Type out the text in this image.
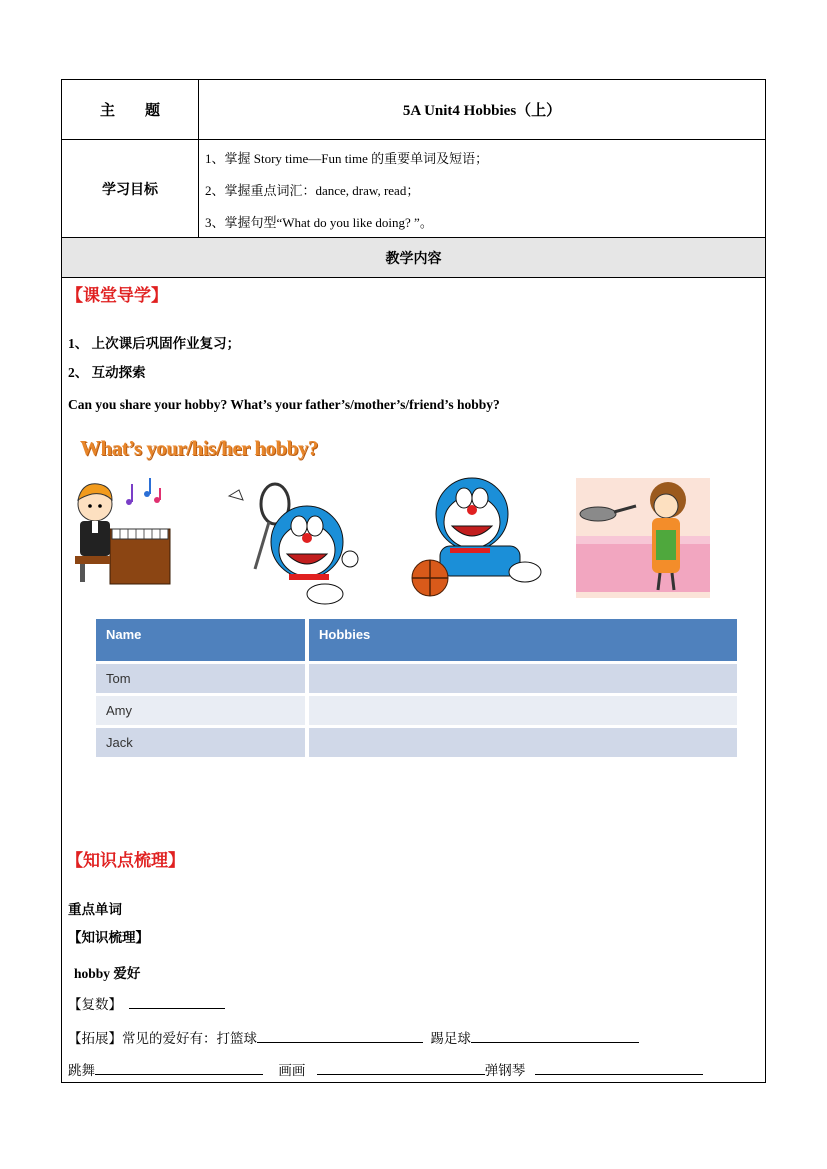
主　　题	5A Unit4 Hobbies（上）
学习目标
1、掌握 Story time—Fun time 的重要单词及短语；
2、掌握重点词汇：dance, draw, read；
3、掌握句型“What do you like doing? ”。
教学内容
【课堂导学】
1、 上次课后巩固作业复习；
2、 互动探索
Can you share your hobby? What’s your father’s/mother’s/friend’s hobby?
What’s your/his/her hobby?
Name	Hobbies
Tom
Amy
Jack
【知识点梳理】
重点单词
【知识梳理】
hobby 爱好
【复数】
【拓展】常见的爱好有：打篮球	踢足球
跳舞	画画	弹钢琴
